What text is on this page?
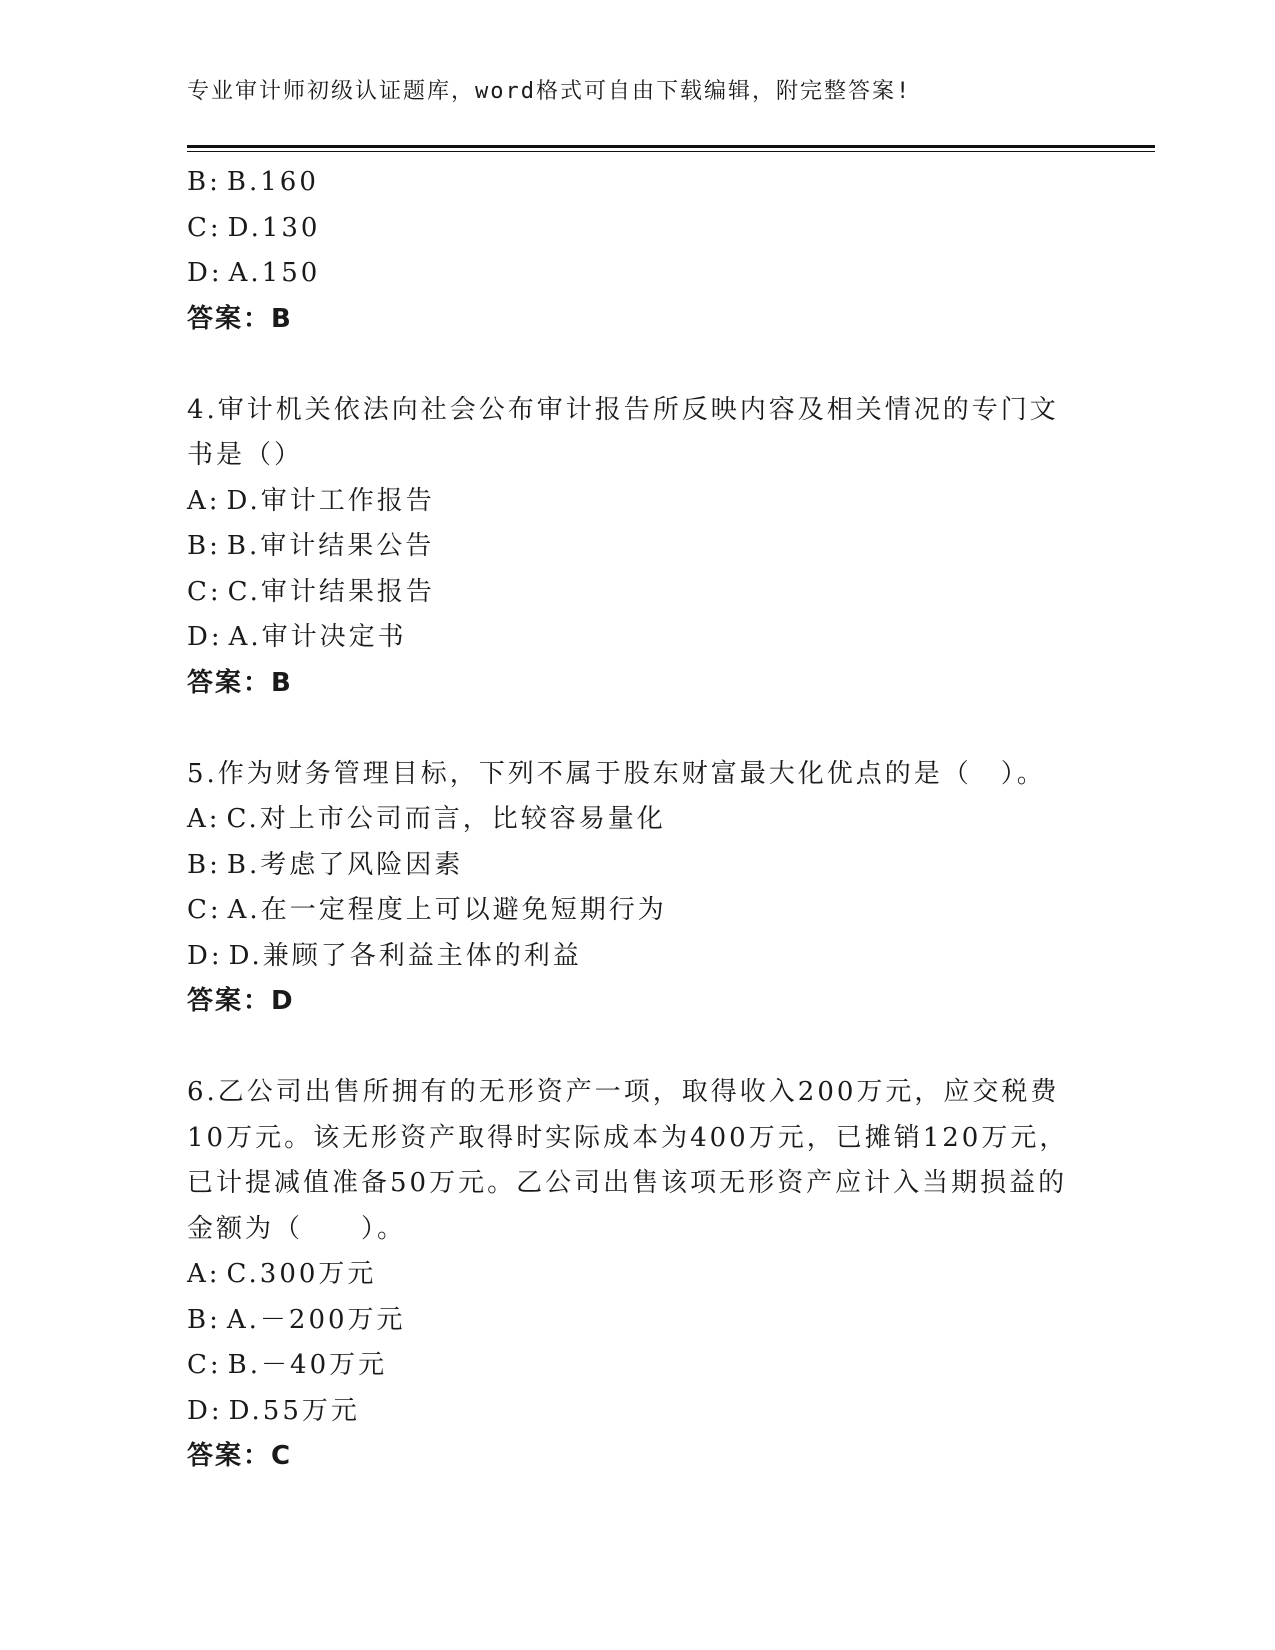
专业审计师初级认证题库，word格式可自由下载编辑，附完整答案!
B: B.160
C: D.130
D: A.150
答案：B
4.审计机关依法向社会公布审计报告所反映内容及相关情况的专门文
书是（）
A: D.审计工作报告
B: B.审计结果公告
C: C.审计结果报告
D: A.审计决定书
答案：B
5.作为财务管理目标，下列不属于股东财富最大化优点的是（　）。
A: C.对上市公司而言，比较容易量化
B: B.考虑了风险因素
C: A.在一定程度上可以避免短期行为
D: D.兼顾了各利益主体的利益
答案：D
6.乙公司出售所拥有的无形资产一项，取得收入200万元，应交税费
10万元。该无形资产取得时实际成本为400万元，已摊销120万元，
已计提减值准备50万元。乙公司出售该项无形资产应计入当期损益的
金额为（　　）。
A: C.300万元
B: A.－200万元
C: B.－40万元
D: D.55万元
答案：C
